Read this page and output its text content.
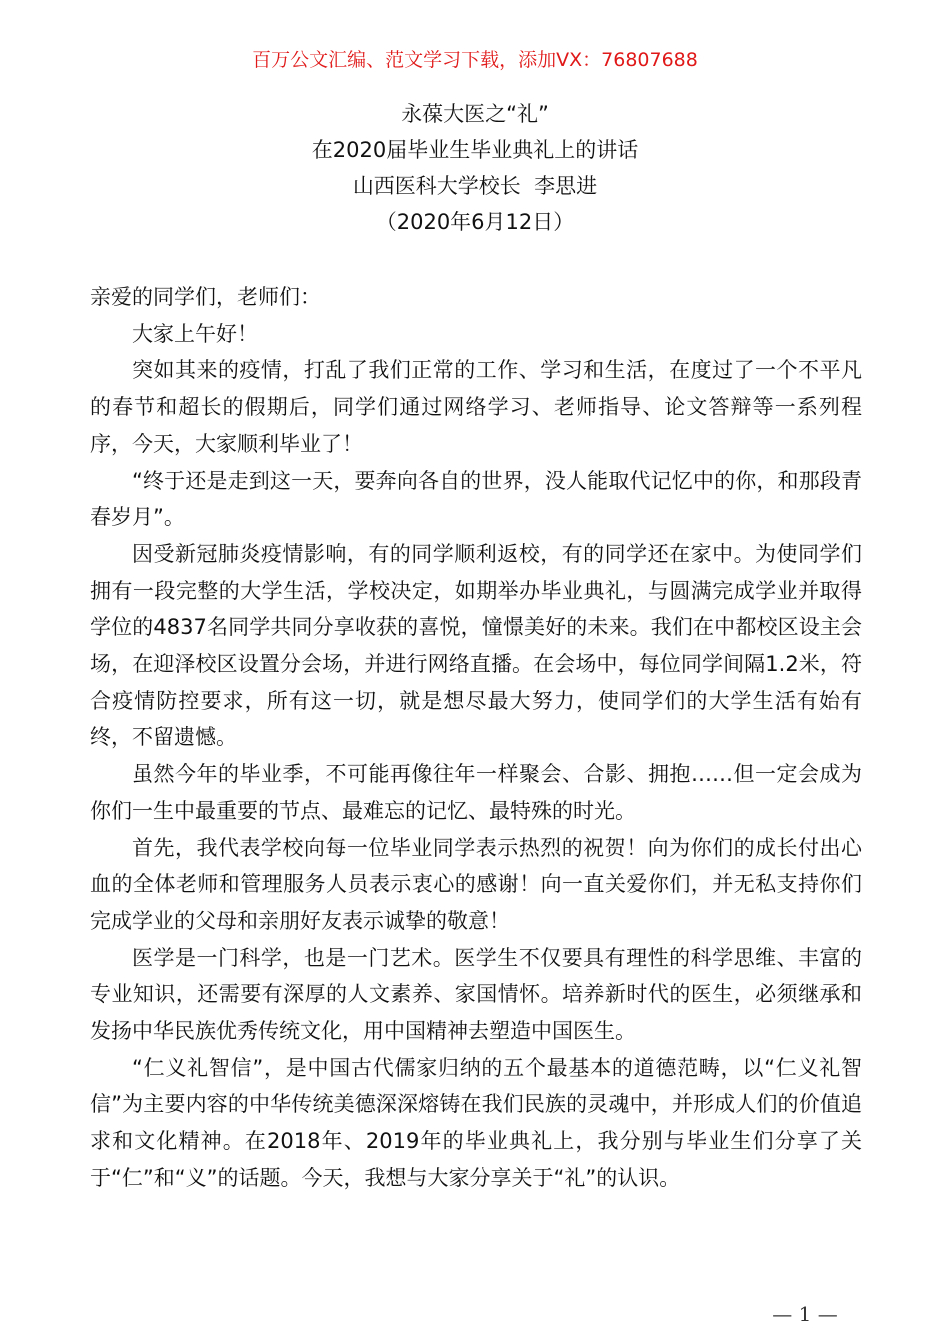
百万公文汇编、范文学习下载，添加VX：76807688
永葆大医之“礼”
在2020届毕业生毕业典礼上的讲话
山西医科大学校长  李思进
（2020年6月12日）

亲爱的同学们，老师们：

大家上午好！

突如其来的疫情，打乱了我们正常的工作、学习和生活，在度过了一个不平凡的春节和超长的假期后，同学们通过网络学习、老师指导、论文答辩等一系列程序，今天，大家顺利毕业了！

“终于还是走到这一天，要奔向各自的世界，没人能取代记忆中的你，和那段青春岁月”。

因受新冠肺炎疫情影响，有的同学顺利返校，有的同学还在家中。为使同学们拥有一段完整的大学生活，学校决定，如期举办毕业典礼，与圆满完成学业并取得学位的4837名同学共同分享收获的喜悦，憧憬美好的未来。我们在中都校区设主会场，在迎泽校区设置分会场，并进行网络直播。在会场中，每位同学间隔1.2米，符合疫情防控要求，所有这一切，就是想尽最大努力，使同学们的大学生活有始有终，不留遗憾。

虽然今年的毕业季，不可能再像往年一样聚会、合影、拥抱……但一定会成为你们一生中最重要的节点、最难忘的记忆、最特殊的时光。

首先，我代表学校向每一位毕业同学表示热烈的祝贺！向为你们的成长付出心血的全体老师和管理服务人员表示衷心的感谢！向一直关爱你们，并无私支持你们完成学业的父母和亲朋好友表示诚挚的敬意！

医学是一门科学，也是一门艺术。医学生不仅要具有理性的科学思维、丰富的专业知识，还需要有深厚的人文素养、家国情怀。培养新时代的医生，必须继承和发扬中华民族优秀传统文化，用中国精神去塑造中国医生。

“仁义礼智信”，是中国古代儒家归纳的五个最基本的道德范畴，以“仁义礼智信”为主要内容的中华传统美德深深熔铸在我们民族的灵魂中，并形成人们的价值追求和文化精神。在2018年、2019年的毕业典礼上，我分别与毕业生们分享了关于“仁”和“义”的话题。今天，我想与大家分享关于“礼”的认识。

— 1 —
